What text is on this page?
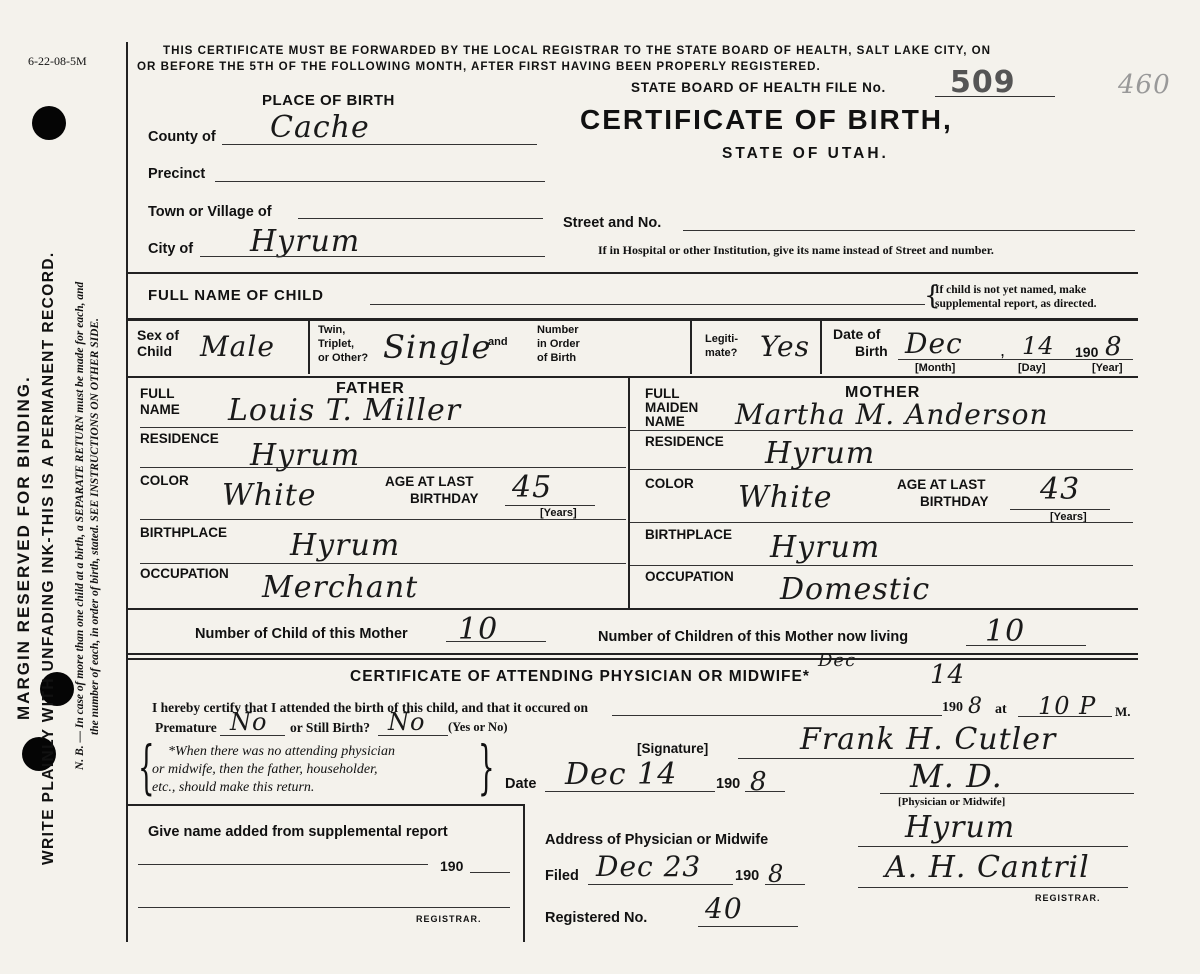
6-22-08-5M
MARGIN RESERVED FOR BINDING. WRITE PLAINLY WITH UNFADING INK-THIS IS A PERMANENT RECORD. N. B. — In case of more than one child at a birth, a SEPARATE RETURN must be made for each, and the number of each, in order of birth, stated. SEE INSTRUCTIONS ON OTHER SIDE.
THIS CERTIFICATE MUST BE FORWARDED BY THE LOCAL REGISTRAR TO THE STATE BOARD OF HEALTH, SALT LAKE CITY, ON
OR BEFORE THE 5TH OF THE FOLLOWING MONTH, AFTER FIRST HAVING BEEN PROPERLY REGISTERED.
STATE BOARD OF HEALTH FILE No. 509	460
CERTIFICATE OF BIRTH,
STATE OF UTAH.
PLACE OF BIRTH
County of Cache
Precinct
Town or Village of
City of Hyrum
Street and No.
If in Hospital or other Institution, give its name instead of Street and number.
FULL NAME OF CHILD	If child is not yet named, make
supplemental report, as directed.
{
Sex of
Child Male	Twin,
Triplet,
or Other? Single
and
Number
in Order
of Birth
Legiti-
mate? Yes Date of
Birth Dec , 14 190 8
[Month]	[Day]	[Year]
FATHER
FULL
NAME Louis T. Miller
RESIDENCE Hyrum
COLOR White	AGE AT LAST
BIRTHDAY 45
[Years]
BIRTHPLACE Hyrum
OCCUPATION Merchant
MOTHER
FULL
MAIDEN
NAME Martha M. Anderson
RESIDENCE Hyrum
COLOR White	AGE AT LAST
BIRTHDAY 43
[Years]
BIRTHPLACE Hyrum
OCCUPATION Domestic
Number of Child of this Mother 10	Number of Children of this Mother now living	10
CERTIFICATE OF ATTENDING PHYSICIAN OR MIDWIFE*
I hereby certify that I attended the birth of this child, and that it occured on
Dec	14
190 8 at 10 P M.
Premature No or Still Birth? No (Yes or No)
{	}
*When there was no attending physician
or midwife, then the father, householder,
etc., should make this return.
[Signature]	Frank H. Cutler
Date Dec 14	190 8	M. D.
[Physician or Midwife]
Give name added from supplemental report
190
REGISTRAR.
Address of Physician or Midwife	Hyrum
Filed Dec 23 190 8	A. H. Cantril
REGISTRAR.
Registered No. 40
